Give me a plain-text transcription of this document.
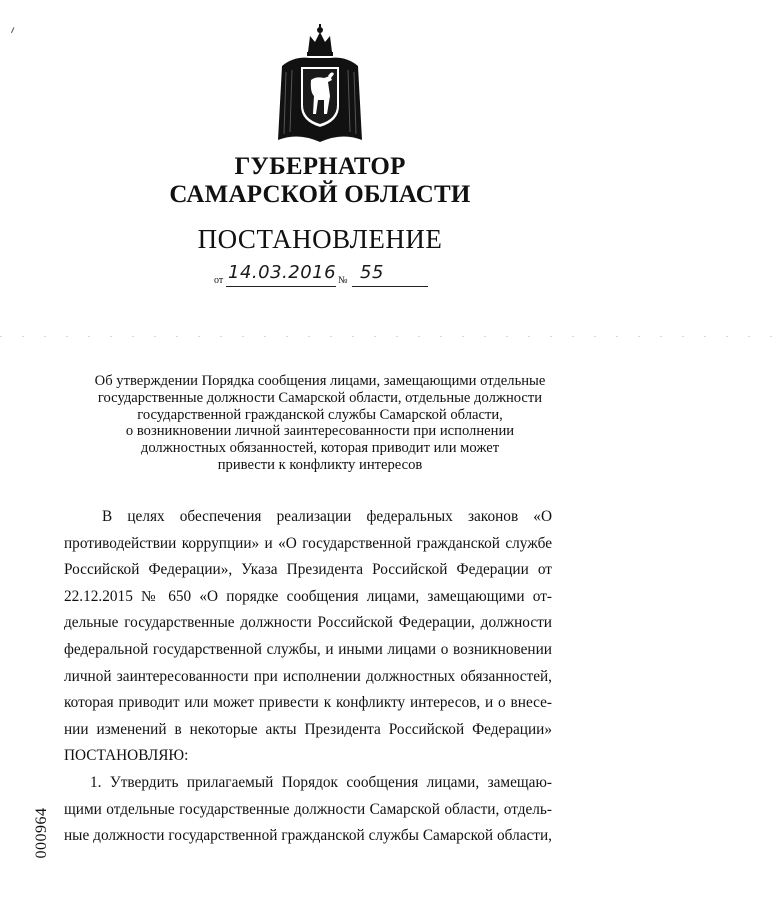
ГУБЕРНАТОР
САМАРСКОЙ ОБЛАСТИ
ПОСТАНОВЛЕНИЕ
от 14.03.2016 № 55
. . . . . . . . . . . . . . . . . . . . . . . . . . . . . . . . . . . .
Об утверждении Порядка сообщения лицами, замещающими отдельные
государственные должности Самарской области, отдельные должности
государственной гражданской службы Самарской области,
о возникновении личной заинтересованности при исполнении
должностных обязанностей, которая приводит или может
привести к конфликту интересов
В целях обеспечения реализации федеральных законов «О противодействии коррупции» и «О государственной гражданской службе Российской Федерации», Указа Президента Российской Федерации от 22.12.2015 № 650 «О порядке сообщения лицами, замещающими отдельные государственные должности Российской Федерации, должности федеральной государственной службы, и иными лицами о возникновении личной заинтересованности при исполнении должностных обязанностей, которая приводит или может привести к конфликту интересов, и о внесении изменений в некоторые акты Президента Российской Федерации»
ПОСТАНОВЛЯЮ:
1. Утвердить прилагаемый Порядок сообщения лицами, замещающими отдельные государственные должности Самарской области, отдельные должности государственной гражданской службы Самарской области,
000964
